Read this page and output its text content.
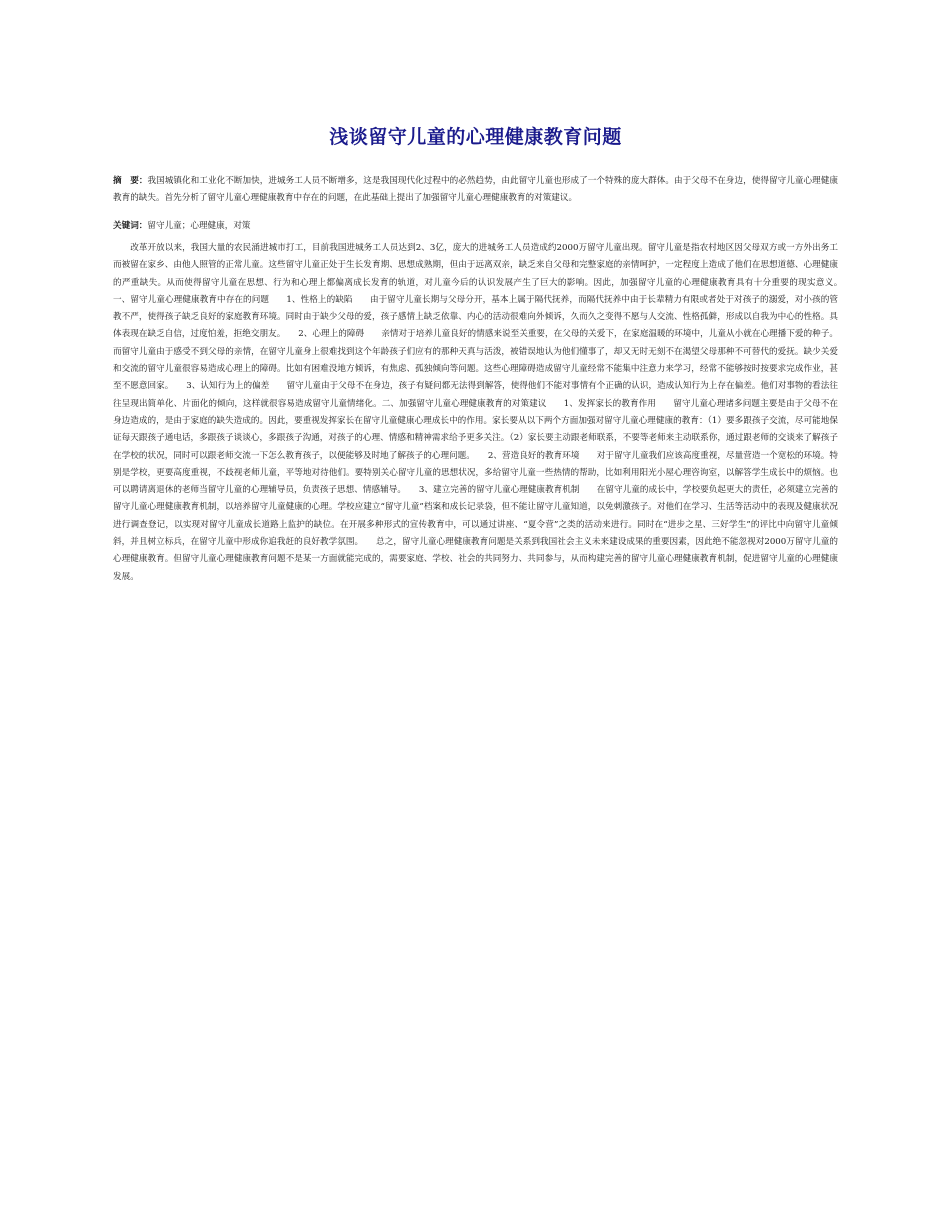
浅谈留守儿童的心理健康教育问题

摘　要：我国城镇化和工业化不断加快，进城务工人员不断增多，这是我国现代化过程中的必然趋势，由此留守儿童也形成了一个特殊的庞大群体。由于父母不在身边，使得留守儿童心理健康教育的缺失。首先分析了留守儿童心理健康教育中存在的问题，在此基础上提出了加强留守儿童心理健康教育的对策建议。

关键词：留守儿童；心理健康，对策

改革开放以来，我国大量的农民涌进城市打工，目前我国进城务工人员达到2、3亿，庞大的进城务工人员造成约2000万留守儿童出现。留守儿童是指农村地区因父母双方或一方外出务工而被留在家乡、由他人照管的正常儿童。这些留守儿童正处于生长发育期、思想成熟期，但由于远离双亲，缺乏来自父母和完整家庭的亲情呵护，一定程度上造成了他们在思想道德、心理健康的严重缺失。从而使得留守儿童在思想、行为和心理上都偏离成长发育的轨道，对儿童今后的认识发展产生了巨大的影响。因此，加强留守儿童的心理健康教育具有十分重要的现实意义。　　一、留守儿童心理健康教育中存在的问题　　1、性格上的缺陷　　由于留守儿童长期与父母分开，基本上属于隔代抚养，而隔代抚养中由于长辈精力有限或者处于对孩子的溺爱，对小孩的管教不严，使得孩子缺乏良好的家庭教育环境。同时由于缺少父母的爱，孩子感情上缺乏依靠、内心的活动很难向外倾诉，久而久之变得不愿与人交流、性格孤僻，形成以自我为中心的性格。具体表现在缺乏自信，过度怕羞，拒绝交朋友。　　2、心理上的障碍　　亲情对于培养儿童良好的情感来说至关重要，在父母的关爱下，在家庭温暖的环境中，儿童从小就在心理播下爱的种子。而留守儿童由于感受不到父母的亲情，在留守儿童身上很难找到这个年龄孩子们应有的那种天真与活泼，被错误地认为他们懂事了，却又无时无刻不在渴望父母那种不可替代的爱抚。缺少关爱和交流的留守儿童很容易造成心理上的障碍。比如有困难没地方倾诉，有焦虑、孤独倾向等问题。这些心理障碍造成留守儿童经常不能集中注意力来学习，经常不能够按时按要求完成作业，甚至不愿意回家。　　3、认知行为上的偏差　　留守儿童由于父母不在身边，孩子有疑问都无法得到解答，使得他们不能对事情有个正确的认识，造成认知行为上存在偏差。他们对事物的看法往往呈现出简单化、片面化的倾向，这样就很容易造成留守儿童情绪化。二、加强留守儿童心理健康教育的对策建议　　1、发挥家长的教育作用　　留守儿童心理诸多问题主要是由于父母不在身边造成的，是由于家庭的缺失造成的。因此，要重视发挥家长在留守儿童健康心理成长中的作用。家长要从以下两个方面加强对留守儿童心理健康的教育：（1）要多跟孩子交流，尽可能地保证每天跟孩子通电话，多跟孩子谈谈心，多跟孩子沟通，对孩子的心理、情感和精神需求给予更多关注。（2）家长要主动跟老师联系，不要等老师来主动联系你，通过跟老师的交谈来了解孩子在学校的状况，同时可以跟老师交流一下怎么教育孩子，以便能够及时地了解孩子的心理问题。　　2、营造良好的教育环境　　对于留守儿童我们应该高度重视，尽量营造一个宽松的环境。特别是学校，更要高度重视，不歧视老师儿童，平等地对待他们。要特别关心留守儿童的思想状况，多给留守儿童一些热情的帮助，比如利用阳光小屋心理咨询室，以解答学生成长中的烦恼。也可以聘请离退休的老师当留守儿童的心理辅导员，负责孩子思想、情感辅导。　　3、建立完善的留守儿童心理健康教育机制　　在留守儿童的成长中，学校要负起更大的责任，必须建立完善的留守儿童心理健康教育机制，以培养留守儿童健康的心理。学校应建立“留守儿童”档案和成长记录袋，但不能让留守儿童知道，以免刺激孩子。对他们在学习、生活等活动中的表现及健康状况进行调查登记，以实现对留守儿童成长道路上监护的缺位。在开展多种形式的宣传教育中，可以通过讲座、“夏令营”之类的活动来进行。同时在“进步之星、三好学生”的评比中向留守儿童倾斜，并且树立标兵，在留守儿童中形成你追我赶的良好教学氛围。　　总之，留守儿童心理健康教育问题是关系到我国社会主义未来建设成果的重要因素，因此绝不能忽视对2000万留守儿童的心理健康教育。但留守儿童心理健康教育问题不是某一方面就能完成的，需要家庭、学校、社会的共同努力、共同参与，从而构建完善的留守儿童心理健康教育机制，促进留守儿童的心理健康发展。
